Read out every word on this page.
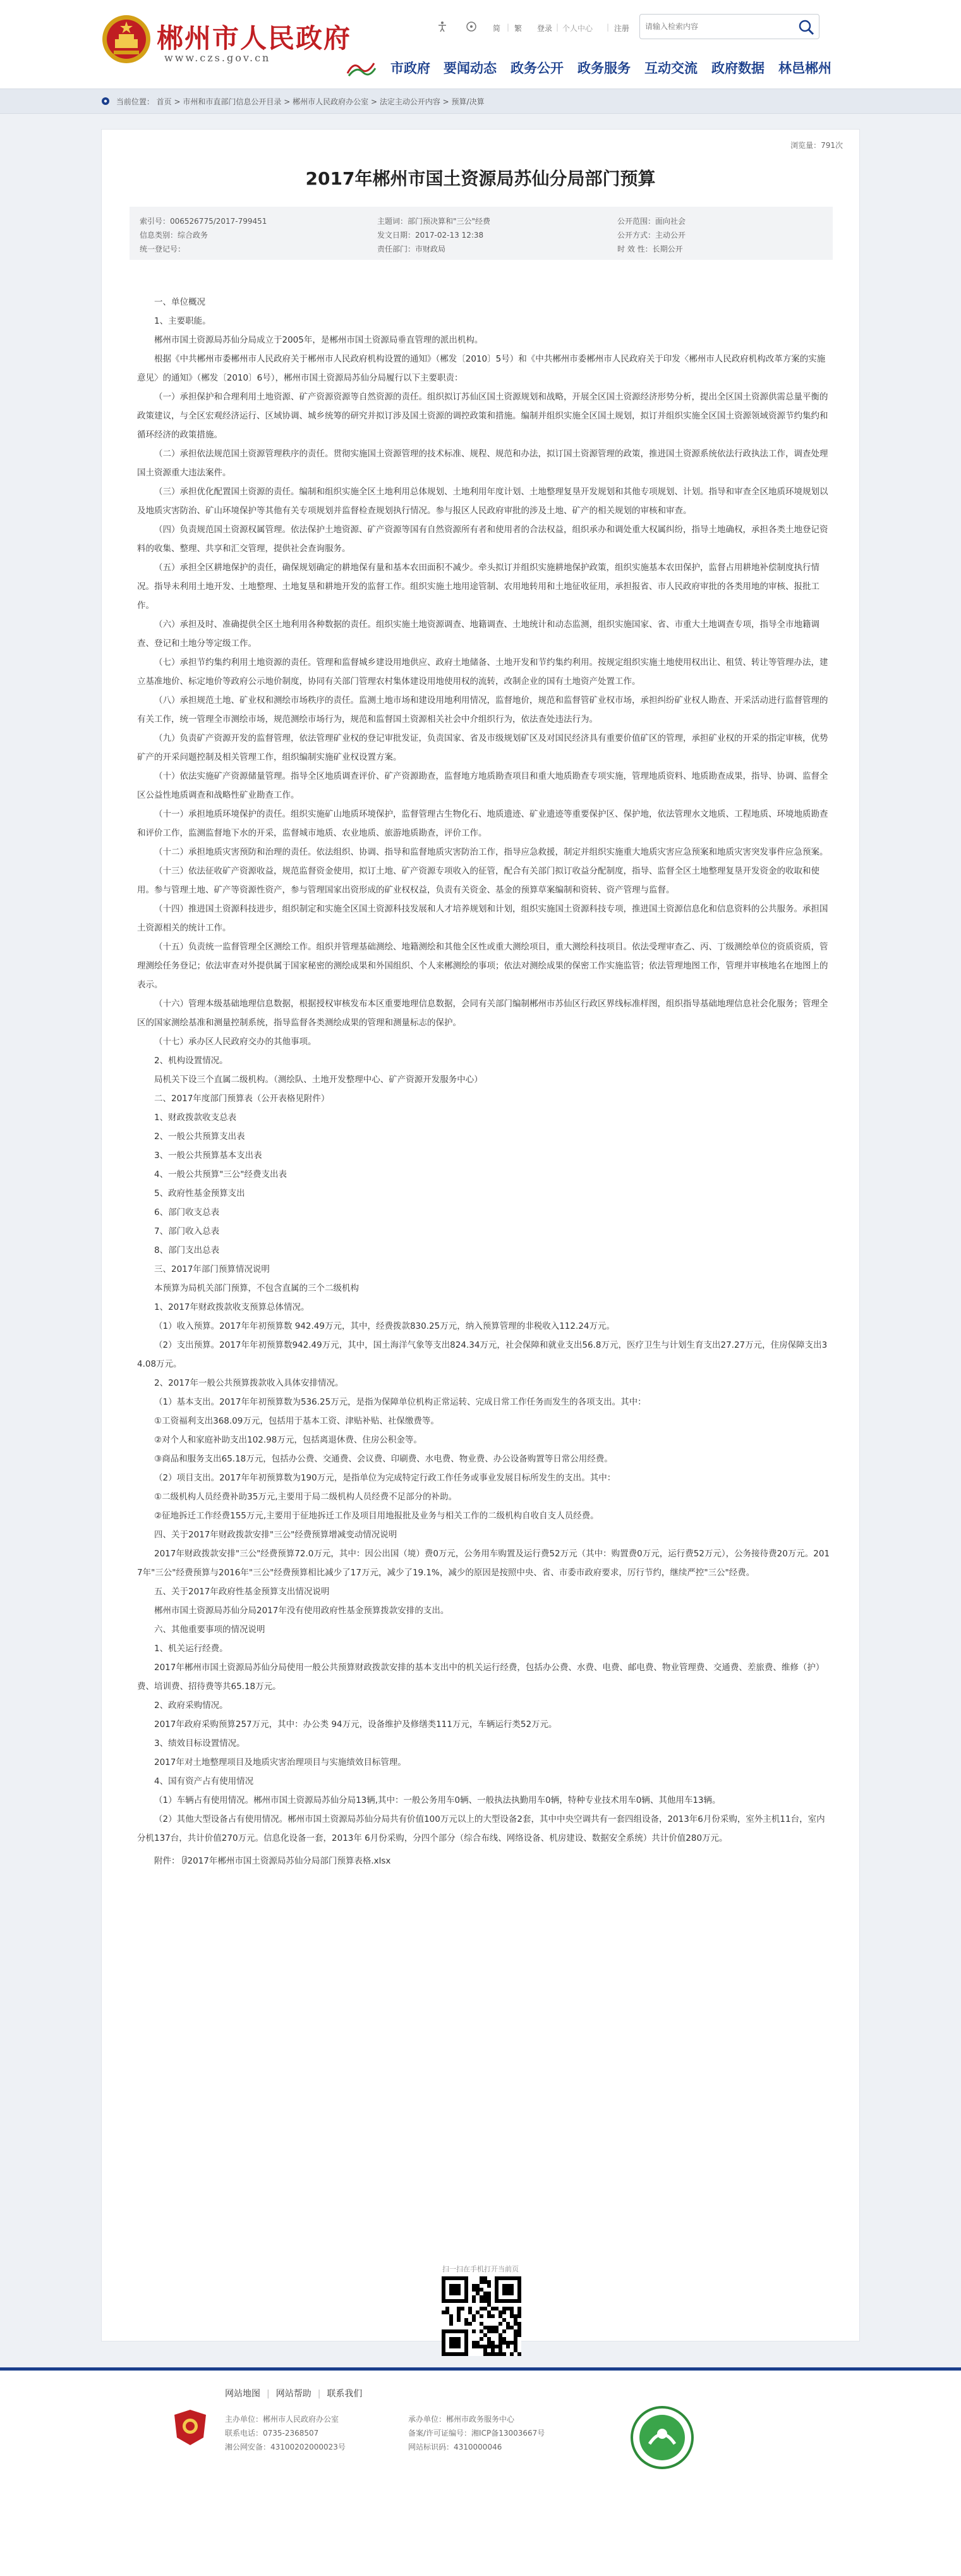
郴州市人民政府
www.czs.gov.cn
简 | 繁 登录 | 个人中心 | 注册
请输入检索内容
市政府 要闻动态 政务公开 政务服务 互动交流 政府数据 林邑郴州
当前位置： 首页 > 市州和市直部门信息公开目录 > 郴州市人民政府办公室 > 法定主动公开内容 > 预算/决算
浏览量：791次
2017年郴州市国土资源局苏仙分局部门预算
索引号：006526775/2017-799451
信息类别：综合政务
统一登记号：
主题词：部门预决算和"三公"经费
发文日期：2017-02-13 12:38
责任部门：市财政局
公开范围：面向社会
公开方式：主动公开
时 效 性：长期公开

一、单位概况

1、主要职能。

郴州市国土资源局苏仙分局成立于2005年，是郴州市国土资源局垂直管理的派出机构。

根据《中共郴州市委郴州市人民政府关于郴州市人民政府机构设置的通知》（郴发〔2010〕5号）和《中共郴州市委郴州市人民政府关于印发〈郴州市人民政府机构改革方案的实施意见〉的通知》（郴发〔2010〕6号），郴州市国土资源局苏仙分局履行以下主要职责：

（一）承担保护和合理利用土地资源、矿产资源资源等自然资源的责任。组织拟订苏仙区国土资源规划和战略，开展全区国土资源经济形势分析，提出全区国土资源供需总量平衡的政策建议，与全区宏观经济运行、区域协调、城乡统筹的研究并拟订涉及国土资源的调控政策和措施。编制并组织实施全区国土规划，拟订并组织实施全区国土资源领域资源节约集约和循环经济的政策措施。

（二）承担依法规范国土资源管理秩序的责任。贯彻实施国土资源管理的技术标准、规程、规范和办法，拟订国土资源管理的政策，推进国土资源系统依法行政执法工作，调查处理国土资源重大违法案件。

（三）承担优化配置国土资源的责任。编制和组织实施全区土地利用总体规划、土地利用年度计划、土地整理复垦开发规划和其他专项规划、计划。指导和审查全区地质环境规划以及地质灾害防治、矿山环境保护等其他有关专项规划并监督检查规划执行情况。参与报区人民政府审批的涉及土地、矿产的相关规划的审核和审查。

（四）负责规范国土资源权属管理。依法保护土地资源、矿产资源等国有自然资源所有者和使用者的合法权益，组织承办和调处重大权属纠纷，指导土地确权，承担各类土地登记资料的收集、整理、共享和汇交管理，提供社会查询服务。

（五）承担全区耕地保护的责任，确保规划确定的耕地保有量和基本农田面积不减少。牵头拟订并组织实施耕地保护政策，组织实施基本农田保护，监督占用耕地补偿制度执行情况。指导未利用土地开发、土地整理、土地复垦和耕地开发的监督工作。组织实施土地用途管制、农用地转用和土地征收征用，承担报省、市人民政府审批的各类用地的审核、报批工作。

（六）承担及时、准确提供全区土地利用各种数据的责任。组织实施土地资源调查、地籍调查、土地统计和动态监测，组织实施国家、省、市重大土地调查专项，指导全市地籍调查、登记和土地分等定级工作。

（七）承担节约集约利用土地资源的责任。管理和监督城乡建设用地供应、政府土地储备、土地开发和节约集约利用。按规定组织实施土地使用权出让、租赁、转让等管理办法，建立基准地价、标定地价等政府公示地价制度，协同有关部门管理农村集体建设用地使用权的流转，改制企业的国有土地资产处置工作。

（八）承担规范土地、矿业权和测绘市场秩序的责任。监测土地市场和建设用地利用情况，监督地价，规范和监督管矿业权市场，承担纠纷矿业权人勘查、开采活动进行监督管理的有关工作，统一管理全市测绘市场，规范测绘市场行为，规范和监督国土资源相关社会中介组织行为，依法查处违法行为。

（九）负责矿产资源开发的监督管理，依法管理矿业权的登记审批发证，负责国家、省及市级规划矿区及对国民经济具有重要价值矿区的管理，承担矿业权的开采的指定审核，优势矿产的开采问题控制及相关管理工作，组织编制实施矿业权设置方案。

（十）依法实施矿产资源储量管理。指导全区地质调查评价、矿产资源勘查，监督地方地质勘查项目和重大地质勘查专项实施，管理地质资料、地质勘查成果，指导、协调、监督全区公益性地质调查和战略性矿业勘查工作。

（十一）承担地质环境保护的责任。组织实施矿山地质环境保护，监督管理古生物化石、地质遗迹、矿业遗迹等重要保护区、保护地，依法管理水文地质、工程地质、环境地质勘查和评价工作，监测监督地下水的开采，监督城市地质、农业地质、旅游地质勘查，评价工作。

（十二）承担地质灾害预防和治理的责任。依法组织、协调、指导和监督地质灾害防治工作，指导应急救援，制定并组织实施重大地质灾害应急预案和地质灾害突发事件应急预案。

（十三）依法征收矿产资源收益，规范监督资金使用，拟订土地、矿产资源专项收入的征管，配合有关部门拟订收益分配制度，指导、监督全区土地整理复垦开发资金的收取和使用。参与管理土地、矿产等资源性资产，参与管理国家出资形成的矿业权权益，负责有关资金、基金的预算草案编制和资转、资产管理与监督。

（十四）推进国土资源科技进步，组织制定和实施全区国土资源科技发展和人才培养规划和计划，组织实施国土资源科技专项，推进国土资源信息化和信息资料的公共服务。承担国土资源相关的统计工作。

（十五）负责统一监督管理全区测绘工作。组织并管理基础测绘、地籍测绘和其他全区性或重大测绘项目，重大测绘科技项目。依法受理审查乙、丙、丁级测绘单位的资质资质，管理测绘任务登记；依法审查对外提供属于国家秘密的测绘成果和外国组织、个人来郴测绘的事项；依法对测绘成果的保密工作实施监管；依法管理地图工作，管理并审核地名在地图上的表示。

（十六）管理本级基础地理信息数据，根据授权审核发布本区重要地理信息数据，会同有关部门编制郴州市苏仙区行政区界线标准样图，组织指导基础地理信息社会化服务；管理全区的国家测绘基准和测量控制系统，指导监督各类测绘成果的管理和测量标志的保护。

（十七）承办区人民政府交办的其他事项。

2、机构设置情况。

局机关下设三个直属二级机构。（测绘队、土地开发整理中心、矿产资源开发服务中心）

二、2017年度部门预算表（公开表格见附件）

1、财政拨款收支总表

2、一般公共预算支出表

3、一般公共预算基本支出表

4、一般公共预算"三公"经费支出表

5、政府性基金预算支出

6、部门收支总表

7、部门收入总表

8、部门支出总表

三、2017年部门预算情况说明

本预算为局机关部门预算，不包含直属的三个二级机构

1、2017年财政拨款收支预算总体情况。

（1）收入预算。2017年年初预算数 942.49万元，其中，经费拨款830.25万元，纳入预算管理的非税收入112.24万元。

（2）支出预算。2017年年初预算数942.49万元，其中，国土海洋气象等支出824.34万元，社会保障和就业支出56.8万元，医疗卫生与计划生育支出27.27万元，住房保障支出34.08万元。

2、2017年一般公共预算拨款收入具体安排情况。

（1）基本支出。2017年年初预算数为536.25万元，是指为保障单位机构正常运转、完成日常工作任务而发生的各项支出。其中：

①工资福利支出368.09万元，包括用于基本工资、津贴补贴、社保缴费等。

②对个人和家庭补助支出102.98万元，包括离退休费、住房公积金等。

③商品和服务支出65.18万元，包括办公费、交通费、会议费、印刷费、水电费、物业费、办公设备购置等日常公用经费。

（2）项目支出。2017年年初预算数为190万元，是指单位为完成特定行政工作任务或事业发展目标所发生的支出。其中：

①二级机构人员经费补助35万元,主要用于局二级机构人员经费不足部分的补助。

②征地拆迁工作经费155万元,主要用于征地拆迁工作及项目用地报批及业务与相关工作的二级机构自收自支人员经费。

四、关于2017年财政拨款安排"三公"经费预算增减变动情况说明

2017年财政拨款安排"三公"经费预算72.0万元，其中：因公出国（境）费0万元，公务用车购置及运行费52万元（其中：购置费0万元，运行费52万元），公务接待费20万元。2017年"三公"经费预算与2016年"三公"经费预算相比减少了17万元，减少了19.1%，减少的原因是按照中央、省、市委市政府要求，厉行节约，继续严控"三公"经费。

五、关于2017年政府性基金预算支出情况说明

郴州市国土资源局苏仙分局2017年没有使用政府性基金预算拨款安排的支出。

六、其他重要事项的情况说明

1、机关运行经费。

2017年郴州市国土资源局苏仙分局使用一般公共预算财政拨款安排的基本支出中的机关运行经费，包括办公费、水费、电费、邮电费、物业管理费、交通费、差旅费、维修（护）费、培训费、招待费等共65.18万元。

2、政府采购情况。

2017年政府采购预算257万元，其中：办公类 94万元，设备维护及修缮类111万元，车辆运行类52万元。

3、绩效目标设置情况。

2017年对土地整理项目及地质灾害治理项目与实施绩效目标管理。

4、国有资产占有使用情况

（1）车辆占有使用情况。郴州市国土资源局苏仙分局13辆,其中：一般公务用车0辆、一般执法执勤用车0辆，特种专业技术用车0辆、其他用车13辆。

（2）其他大型设备占有使用情况。郴州市国土资源局苏仙分局共有价值100万元以上的大型设备2套，其中中央空调共有一套四组设备，2013年6月份采购，室外主机11台，室内分机137台，共计价值270万元。信息化设备一套，2013年 6月份采购，分四个部分（综合布线、网络设备、机房建设、数据安全系统）共计价值280万元。

附件： 2017年郴州市国土资源局苏仙分局部门预算表格.xlsx

扫一扫在手机打开当前页
网站地图 | 网站帮助 | 联系我们
主办单位：郴州市人民政府办公室
联系电话：0735-2368507
湘公网安备：43100202000023号
承办单位：郴州市政务服务中心
备案/许可证编号：湘ICP备13003667号
网站标识码：4310000046
